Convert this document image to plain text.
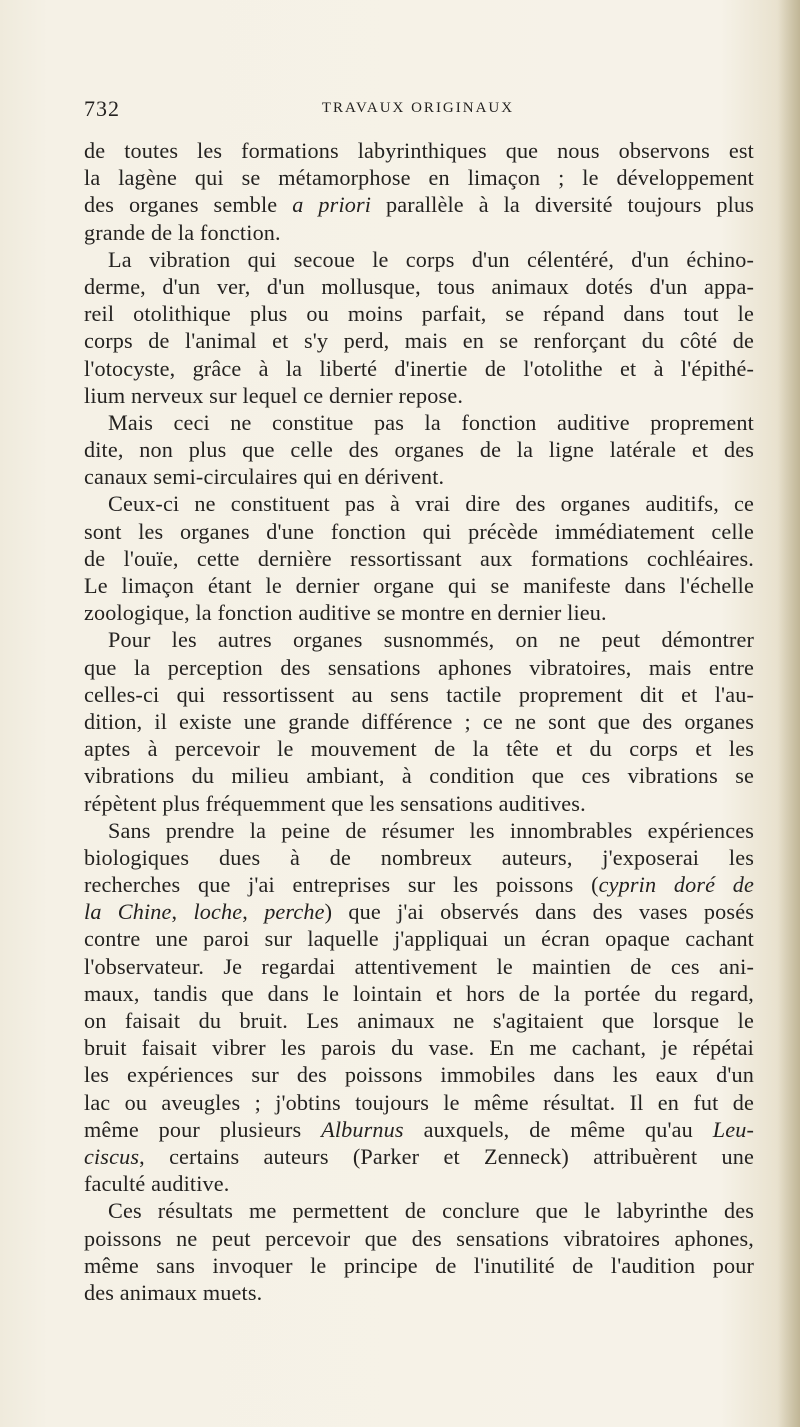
732	TRAVAUX ORIGINAUX
de toutes les formations labyrinthiques que nous observons est
la lagène qui se métamorphose en limaçon ; le développement
des organes semble a priori parallèle à la diversité toujours plus
grande de la fonction.
La vibration qui secoue le corps d'un célentéré, d'un échino-
derme, d'un ver, d'un mollusque, tous animaux dotés d'un appa-
reil otolithique plus ou moins parfait, se répand dans tout le
corps de l'animal et s'y perd, mais en se renforçant du côté de
l'otocyste, grâce à la liberté d'inertie de l'otolithe et à l'épithé-
lium nerveux sur lequel ce dernier repose.
Mais ceci ne constitue pas la fonction auditive proprement
dite, non plus que celle des organes de la ligne latérale et des
canaux semi-circulaires qui en dérivent.
Ceux-ci ne constituent pas à vrai dire des organes auditifs, ce
sont les organes d'une fonction qui précède immédiatement celle
de l'ouïe, cette dernière ressortissant aux formations cochléaires.
Le limaçon étant le dernier organe qui se manifeste dans l'échelle
zoologique, la fonction auditive se montre en dernier lieu.
Pour les autres organes susnommés, on ne peut démontrer
que la perception des sensations aphones vibratoires, mais entre
celles-ci qui ressortissent au sens tactile proprement dit et l'au-
dition, il existe une grande différence ; ce ne sont que des organes
aptes à percevoir le mouvement de la tête et du corps et les
vibrations du milieu ambiant, à condition que ces vibrations se
répètent plus fréquemment que les sensations auditives.
Sans prendre la peine de résumer les innombrables expériences
biologiques dues à de nombreux auteurs, j'exposerai les
recherches que j'ai entreprises sur les poissons (cyprin doré de
la Chine, loche, perche) que j'ai observés dans des vases posés
contre une paroi sur laquelle j'appliquai un écran opaque cachant
l'observateur. Je regardai attentivement le maintien de ces ani-
maux, tandis que dans le lointain et hors de la portée du regard,
on faisait du bruit. Les animaux ne s'agitaient que lorsque le
bruit faisait vibrer les parois du vase. En me cachant, je répétai
les expériences sur des poissons immobiles dans les eaux d'un
lac ou aveugles ; j'obtins toujours le même résultat. Il en fut de
même pour plusieurs Alburnus auxquels, de même qu'au Leu-
ciscus, certains auteurs (Parker et Zenneck) attribuèrent une
faculté auditive.
Ces résultats me permettent de conclure que le labyrinthe des
poissons ne peut percevoir que des sensations vibratoires aphones,
même sans invoquer le principe de l'inutilité de l'audition pour
des animaux muets.
